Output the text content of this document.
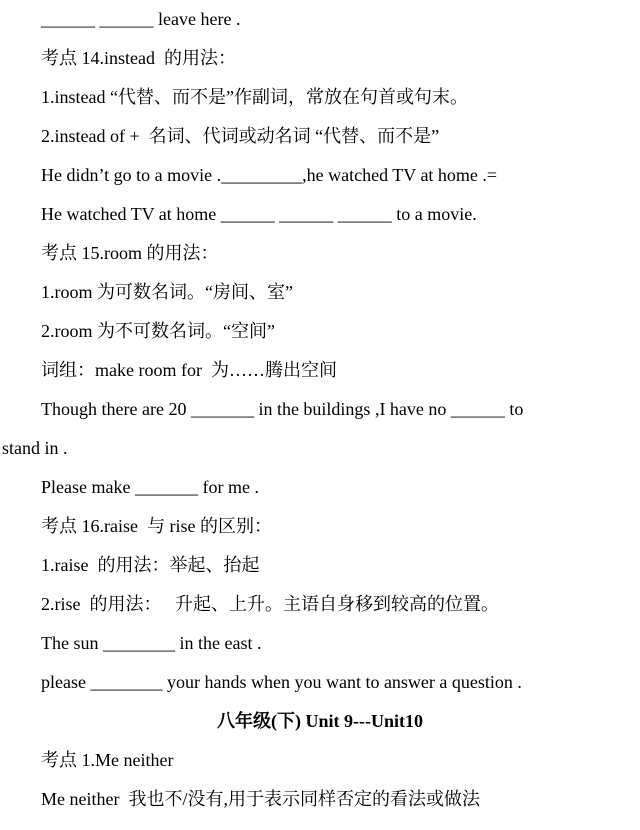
______ ______ leave here .
考点 14.instead  的用法：
1.instead “代替、而不是”作副词，常放在句首或句末。
2.instead of +  名词、代词或动名词 “代替、而不是”
He didn’t go to a movie ._________,he watched TV at home .=
He watched TV at home ______ ______ ______ to a movie.
考点 15.room 的用法：
1.room 为可数名词。“房间、室”
2.room 为不可数名词。“空间”
词组：make room for  为……腾出空间
Though there are 20 _______ in the buildings ,I have no ______ to
stand in .
Please make _______ for me .
考点 16.raise  与 rise 的区别：
1.raise  的用法：举起、抬起
2.rise  的用法：   升起、上升。主语自身移到较高的位置。
The sun ________ in the east .
please ________ your hands when you want to answer a question .
八年级(下) Unit 9---Unit10
考点 1.Me neither
Me neither  我也不/没有,用于表示同样否定的看法或做法
